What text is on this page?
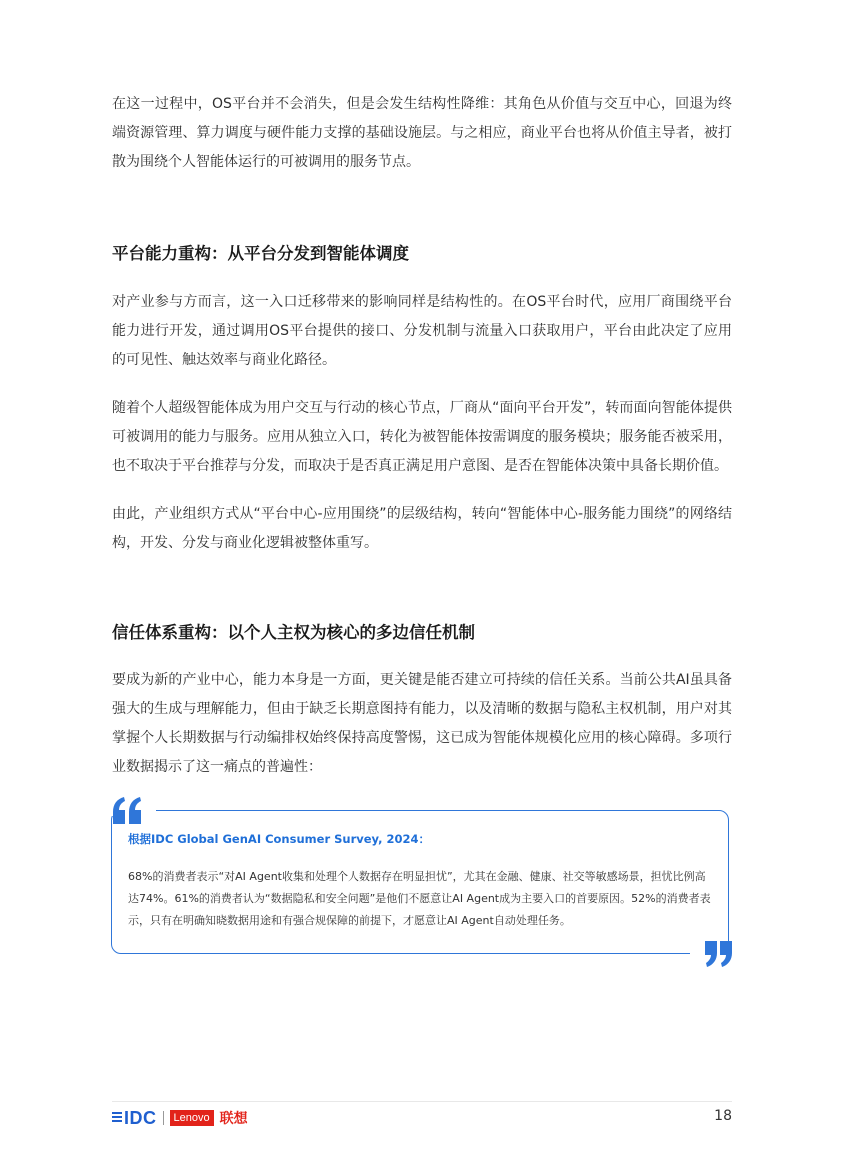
在这一过程中，OS平台并不会消失，但是会发生结构性降维：其角色从价值与交互中心，回退为终端资源管理、算力调度与硬件能力支撑的基础设施层。与之相应，商业平台也将从价值主导者，被打散为围绕个人智能体运行的可被调用的服务节点。

平台能力重构：从平台分发到智能体调度

对产业参与方而言，这一入口迁移带来的影响同样是结构性的。在OS平台时代，应用厂商围绕平台能力进行开发，通过调用OS平台提供的接口、分发机制与流量入口获取用户，平台由此决定了应用的可见性、触达效率与商业化路径。

随着个人超级智能体成为用户交互与行动的核心节点，厂商从“面向平台开发”，转而面向智能体提供可被调用的能力与服务。应用从独立入口，转化为被智能体按需调度的服务模块；服务能否被采用，也不取决于平台推荐与分发，而取决于是否真正满足用户意图、是否在智能体决策中具备长期价值。

由此，产业组织方式从“平台中心-应用围绕”的层级结构，转向“智能体中心-服务能力围绕”的网络结构，开发、分发与商业化逻辑被整体重写。

信任体系重构：以个人主权为核心的多边信任机制

要成为新的产业中心，能力本身是一方面，更关键是能否建立可持续的信任关系。当前公共AI虽具备强大的生成与理解能力，但由于缺乏长期意图持有能力，以及清晰的数据与隐私主权机制，用户对其掌握个人长期数据与行动编排权始终保持高度警惕，这已成为智能体规模化应用的核心障碍。多项行业数据揭示了这一痛点的普遍性：

根据IDC Global GenAI Consumer Survey, 2024：
68%的消费者表示“对AI Agent收集和处理个人数据存在明显担忧”，尤其在金融、健康、社交等敏感场景，担忧比例高达74%。61%的消费者认为“数据隐私和安全问题”是他们不愿意让AI Agent成为主要入口的首要原因。52%的消费者表示，只有在明确知晓数据用途和有强合规保障的前提下，才愿意让AI Agent自动处理任务。
IDC	Lenovo 联想	18
